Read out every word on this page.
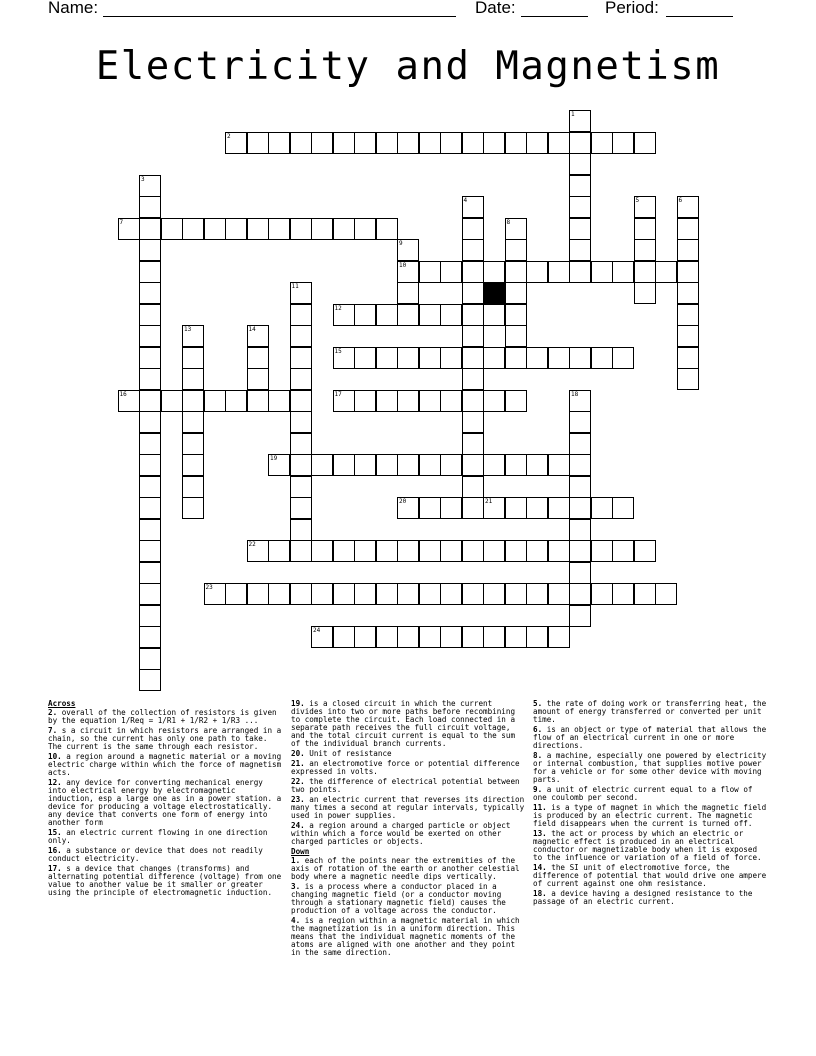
Name:	Date:	Period:
Electricity and Magnetism
1
2
3
4	5	6
7	8
9
10
11
12
13	14
15
16	17	18
19
20	21
22
23
24
Across
2. overall of the collection of resistors is given by the equation 1/Req = 1/R1 + 1/R2 + 1/R3 ...
7. s a circuit in which resistors are arranged in a chain, so the current has only one path to take. The current is the same through each resistor.
10. a region around a magnetic material or a moving electric charge within which the force of magnetism acts.
12. any device for converting mechanical energy into electrical energy by electromagnetic induction, esp a large one as in a power station. a device for producing a voltage electrostatically. any device that converts one form of energy into another form
15. an electric current flowing in one direction only.
16. a substance or device that does not readily conduct electricity.
17. s a device that changes (transforms) and alternating potential difference (voltage) from one value to another value be it smaller or greater using the principle of electromagnetic induction.
19. is a closed circuit in which the current divides into two or more paths before recombining to complete the circuit. Each load connected in a separate path receives the full circuit voltage, and the total circuit current is equal to the sum of the individual branch currents.
20. Unit of resistance
21. an electromotive force or potential difference expressed in volts.
22. the difference of electrical potential between two points.
23. an electric current that reverses its direction many times a second at regular intervals, typically used in power supplies.
24. a region around a charged particle or object within which a force would be exerted on other charged particles or objects.
Down
1. each of the points near the extremities of the axis of rotation of the earth or another celestial body where a magnetic needle dips vertically.
3. is a process where a conductor placed in a changing magnetic field (or a conductor moving through a stationary magnetic field) causes the production of a voltage across the conductor.
4. is a region within a magnetic material in which the magnetization is in a uniform direction. This means that the individual magnetic moments of the atoms are aligned with one another and they point in the same direction.
5. the rate of doing work or transferring heat, the amount of energy transferred or converted per unit time.
6. is an object or type of material that allows the flow of an electrical current in one or more directions.
8. a machine, especially one powered by electricity or internal combustion, that supplies motive power for a vehicle or for some other device with moving parts.
9. a unit of electric current equal to a flow of one coulomb per second.
11. is a type of magnet in which the magnetic field is produced by an electric current. The magnetic field disappears when the current is turned off.
13. the act or process by which an electric or magnetic effect is produced in an electrical conductor or magnetizable body when it is exposed to the influence or variation of a field of force.
14. the SI unit of electromotive force, the difference of potential that would drive one ampere of current against one ohm resistance.
18. a device having a designed resistance to the passage of an electric current.
